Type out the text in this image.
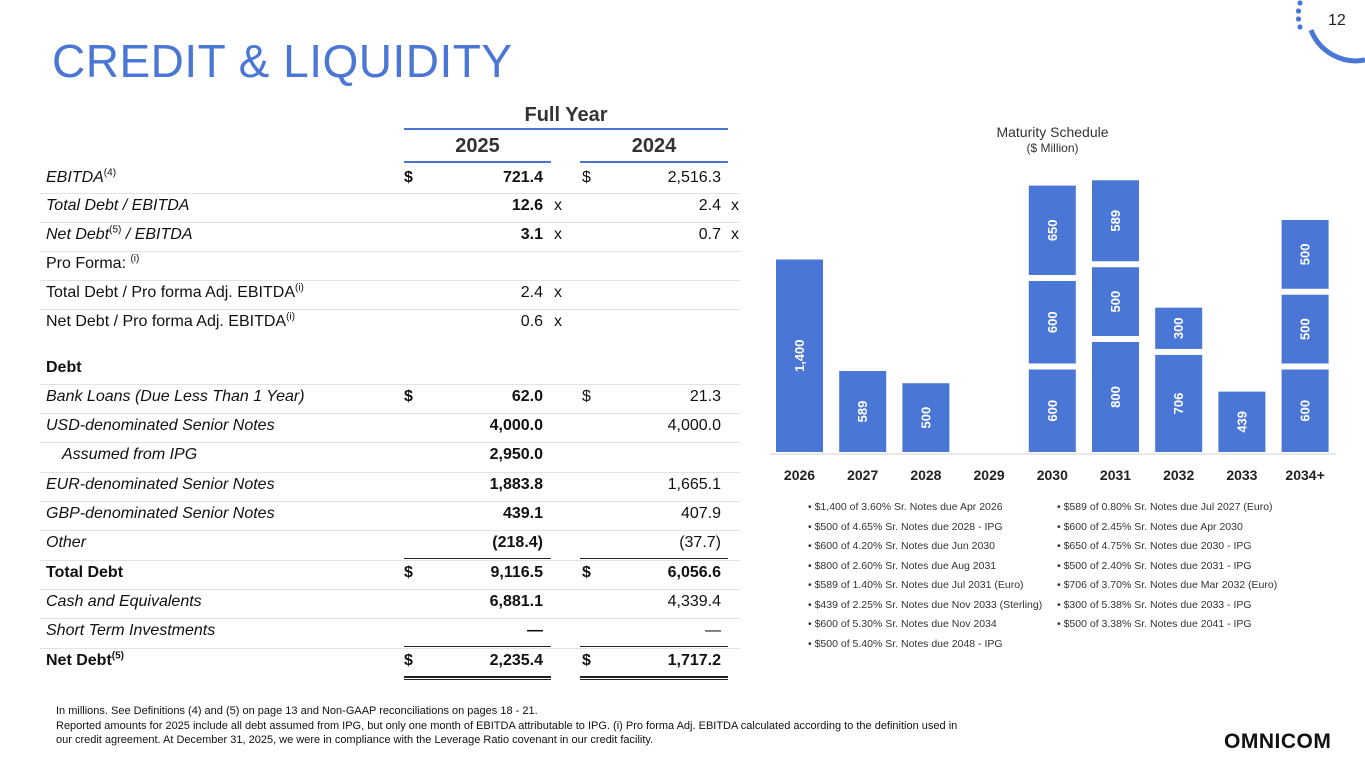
12
CREDIT & LIQUIDITY
Full Year
2025	2024
EBITDA$^{(4)}$	$	721.4 $	2,516.3
Total Debt / EBITDA	12.6 x	2.4 x
Net Debt$^{(5)}$ / EBITDA	3.1 x	0.7 x
Pro Forma: $^{(i)}$
Total Debt / Pro forma Adj. EBITDA$^{(i)}$	2.4 x
Net Debt / Pro forma Adj. EBITDA$^{(i)}$	0.6 x
Debt
Bank Loans (Due Less Than 1 Year)	$	62.0 $	21.3
USD-denominated Senior Notes	4,000.0	4,000.0
Assumed from IPG	2,950.0
EUR-denominated Senior Notes	1,883.8	1,665.1
GBP-denominated Senior Notes	439.1	407.9
Other	(218.4)	(37.7)
Total Debt	$	9,116.5 $	6,056.6
Cash and Equivalents	6,881.1	4,339.4
Short Term Investments	—	—
Net Debt$^{(5)}$	$	2,235.4 $	1,717.2
Maturity Schedule
($ Million)
1,400
2026
589
2027
500
2028 2029
600
600
650
2030
800
500
589
2031
706
300
2032
439
2033
600
500
500
2034+
• $1,400 of 3.60% Sr. Notes due Apr 2026
• $500 of 4.65% Sr. Notes due 2028 - IPG
• $600 of 4.20% Sr. Notes due Jun 2030
• $800 of 2.60% Sr. Notes due Aug 2031
• $589 of 1.40% Sr. Notes due Jul 2031 (Euro)
• $439 of 2.25% Sr. Notes due Nov 2033 (Sterling)
• $600 of 5.30% Sr. Notes due Nov 2034
• $500 of 5.40% Sr. Notes due 2048 - IPG
• $589 of 0.80% Sr. Notes due Jul 2027 (Euro)
• $600 of 2.45% Sr. Notes due Apr 2030
• $650 of 4.75% Sr. Notes due 2030 - IPG
• $500 of 2.40% Sr. Notes due 2031 - IPG
• $706 of 3.70% Sr. Notes due Mar 2032 (Euro)
• $300 of 5.38% Sr. Notes due 2033 - IPG
• $500 of 3.38% Sr. Notes due 2041 - IPG
In millions. See Definitions (4) and (5) on page 13 and Non-GAAP reconciliations on pages 18 - 21.
Reported amounts for 2025 include all debt assumed from IPG, but only one month of EBITDA attributable to IPG. (i) Pro forma Adj. EBITDA calculated according to the definition used in
our credit agreement. At December 31, 2025, we were in compliance with the Leverage Ratio covenant in our credit facility.	OMNICOM
